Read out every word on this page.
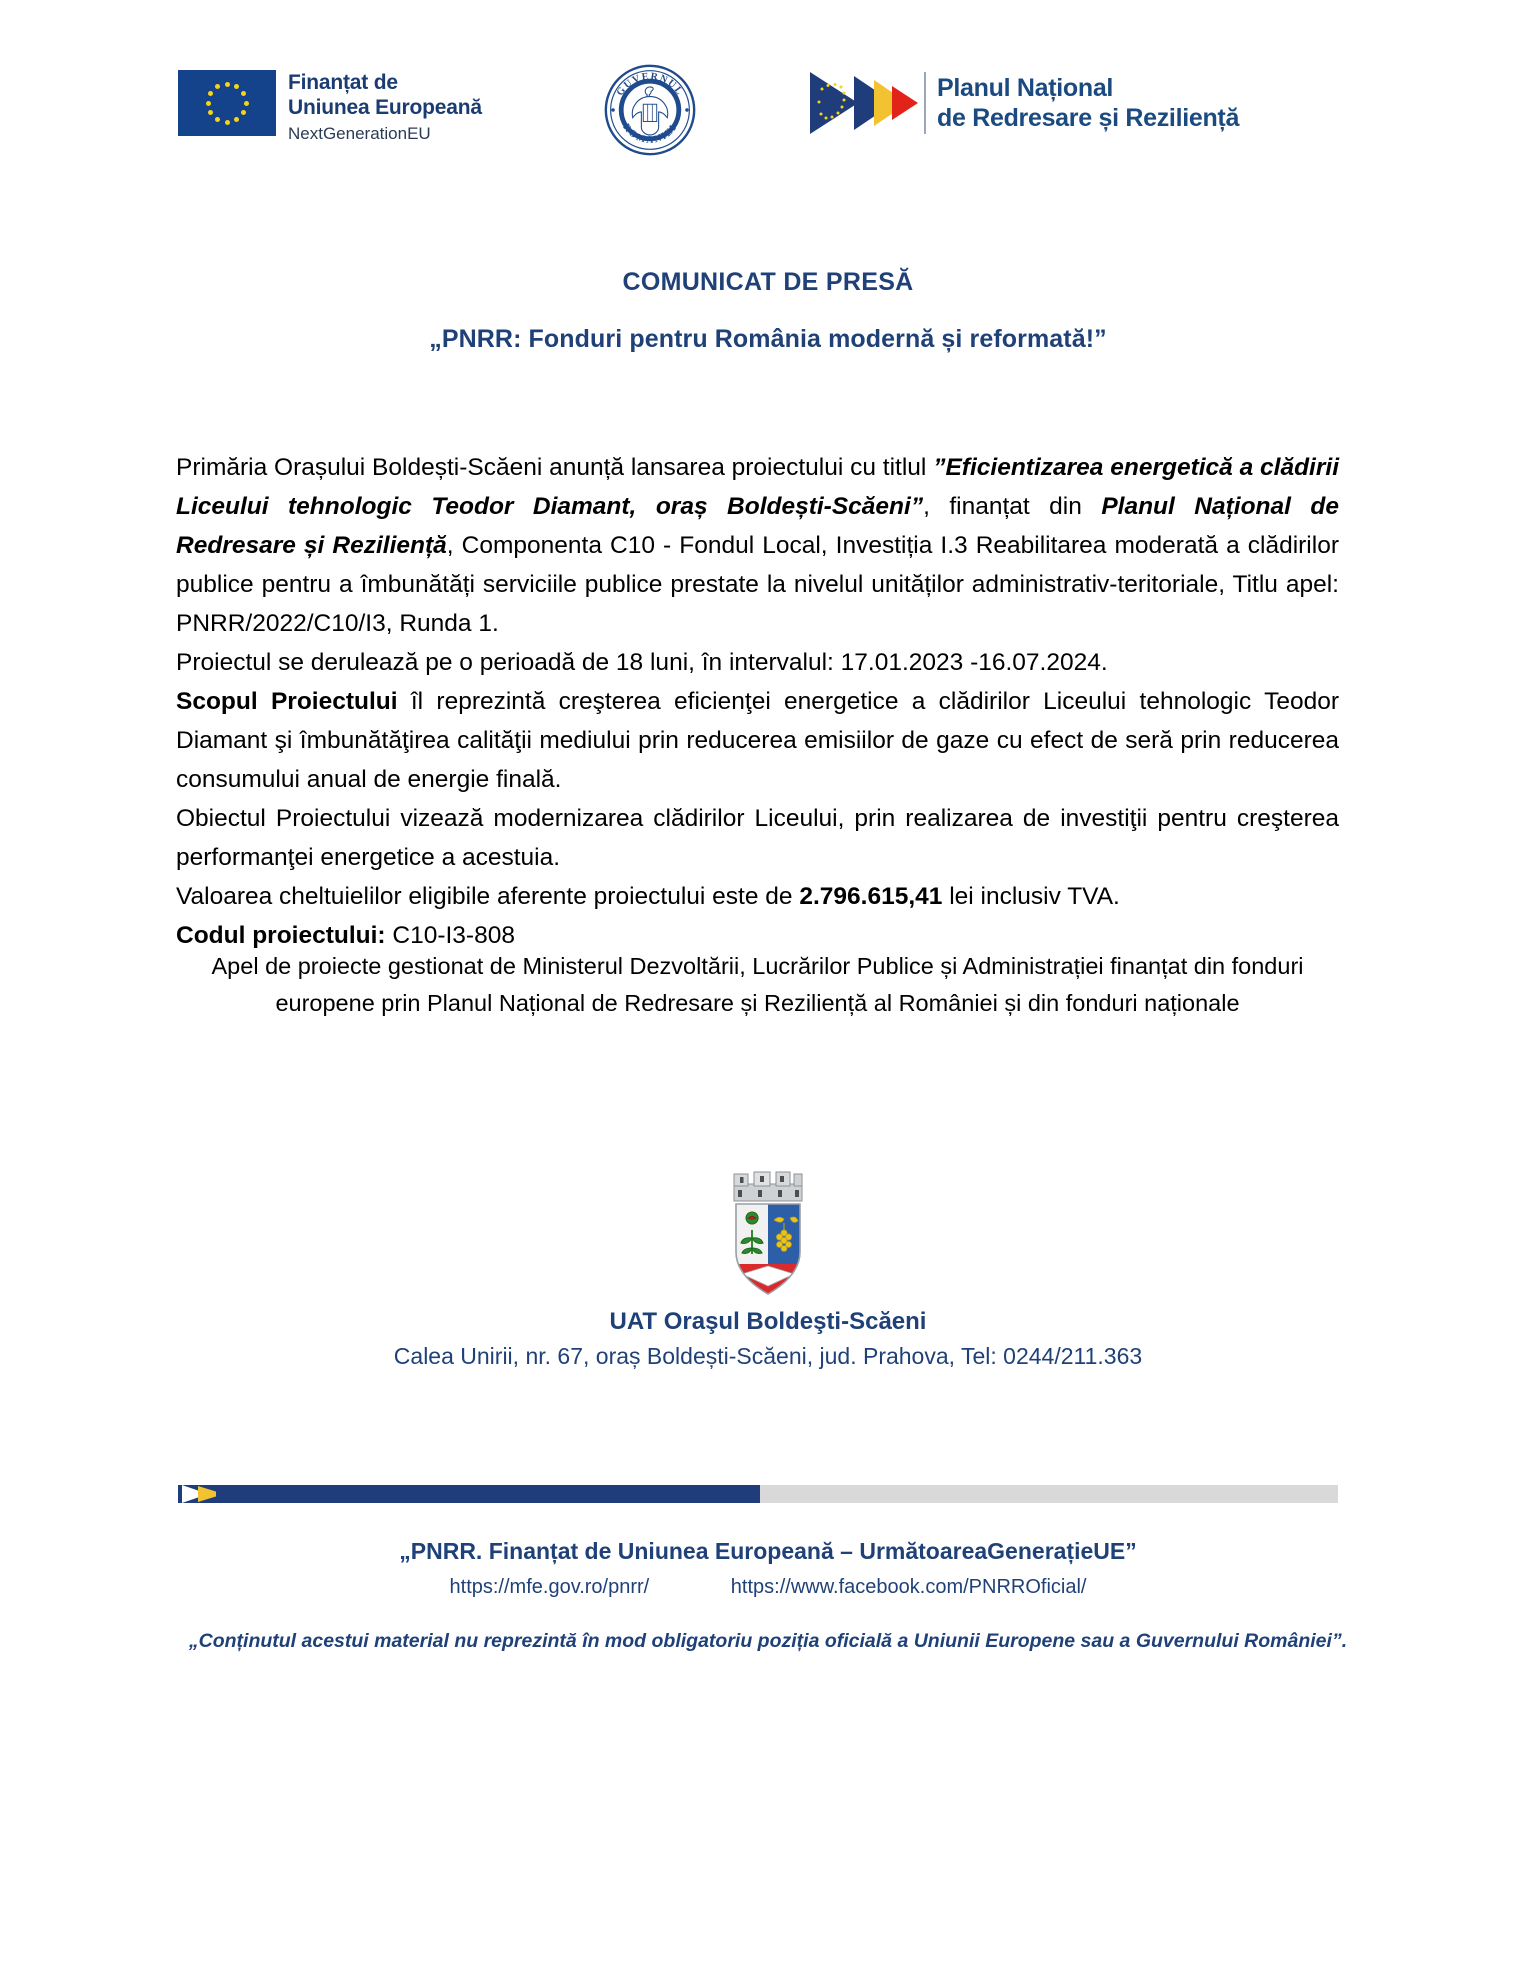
Finanțat de
Uniunea Europeană
NextGenerationEU
GUVERNUL
ROMÂNIEI
Planul Național
de Redresare și Reziliență
COMUNICAT DE PRESĂ
„PNRR: Fonduri pentru România modernă și reformată!”

Primăria Orașului Boldești-Scăeni anunță lansarea proiectului cu titlul ”Eficientizarea energetică a clădirii Liceului tehnologic Teodor Diamant, oraș Boldești-Scăeni”, finanțat din Planul Național de Redresare și Reziliență, Componenta C10 - Fondul Local, Investiția I.3 Reabilitarea moderată a clădirilor publice pentru a îmbunătăți serviciile publice prestate la nivelul unităților administrativ-teritoriale, Titlu apel: PNRR/2022/C10/I3, Runda 1.

Proiectul se derulează pe o perioadă de 18 luni, în intervalul: 17.01.2023 -16.07.2024.

Scopul Proiectului îl reprezintă creşterea eficienţei energetice a clădirilor Liceului tehnologic Teodor Diamant şi îmbunătăţirea calităţii mediului prin reducerea emisiilor de gaze cu efect de seră prin reducerea consumului anual de energie finală.

Obiectul Proiectului vizează modernizarea clădirilor Liceului, prin realizarea de investiţii pentru creşterea performanţei energetice a acestuia.

Valoarea cheltuielilor eligibile aferente proiectului este de 2.796.615,41 lei inclusiv TVA.

Codul proiectului: C10-I3-808

Apel de proiecte gestionat de Ministerul Dezvoltării, Lucrărilor Publice și Administrației finanțat din fonduri europene prin Planul Național de Redresare și Reziliență al României și din fonduri naționale
UAT Oraşul Boldeşti-Scăeni
Calea Unirii, nr. 67, oraș Boldești-Scăeni, jud. Prahova, Tel: 0244/211.363
„PNRR. Finanțat de Uniunea Europeană – UrmătoareaGenerațieUE”
https://mfe.gov.ro/pnrr/	https://www.facebook.com/PNRROficial/
„Conținutul acestui material nu reprezintă în mod obligatoriu poziția oficială a Uniunii Europene sau a Guvernului României”.
